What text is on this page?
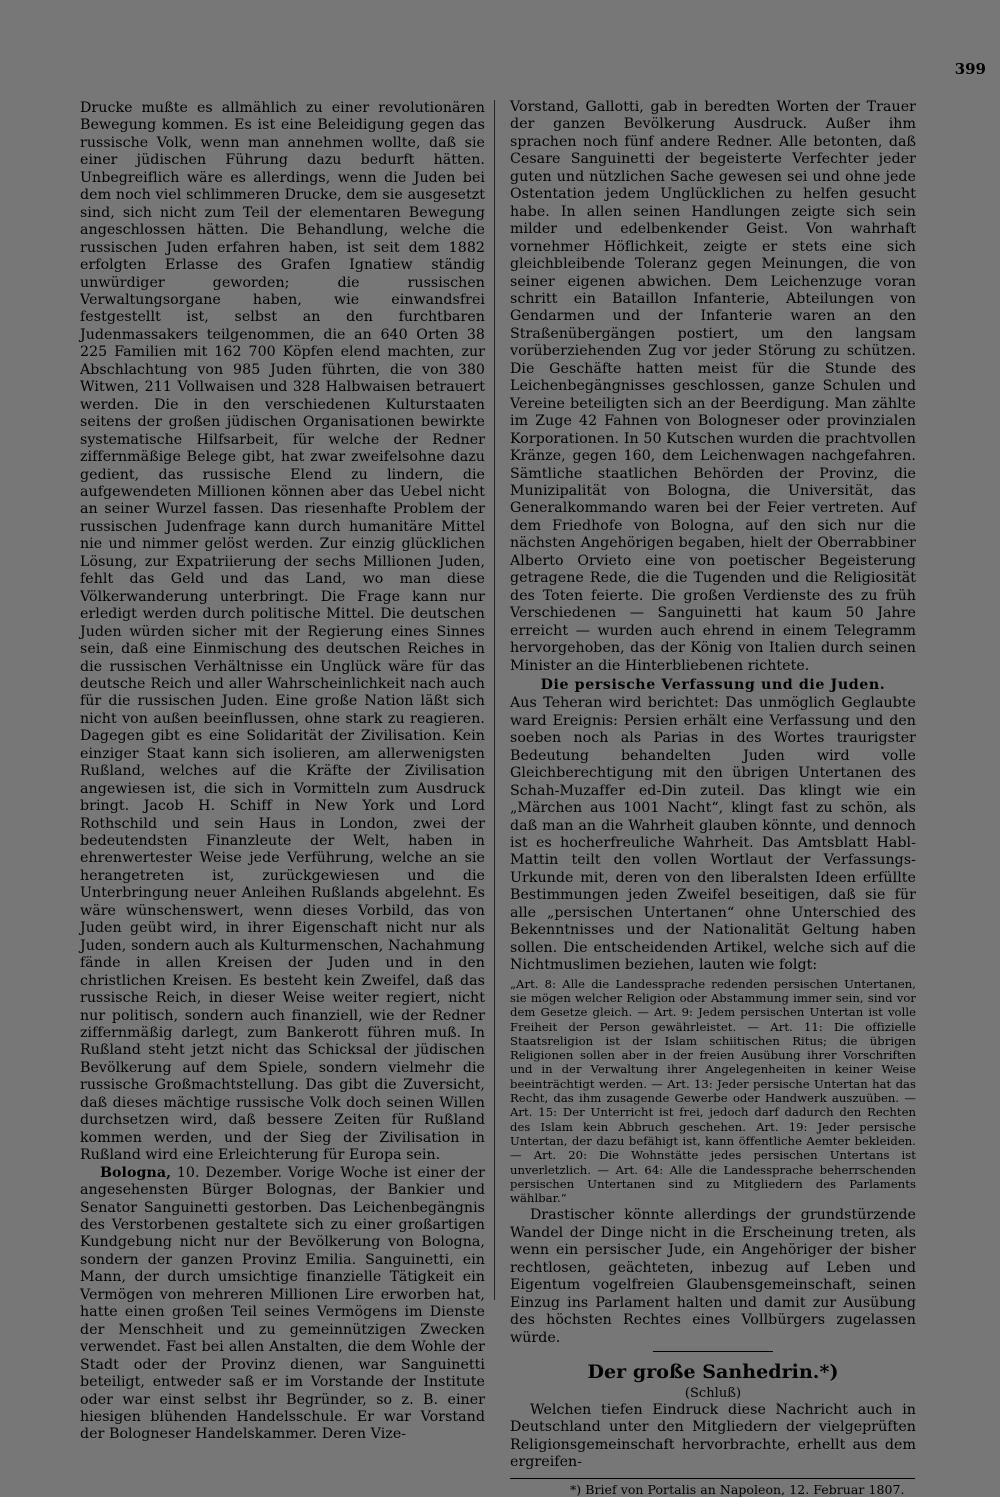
399

Drucke mußte es allmählich zu einer revolutionären Bewegung kommen. Es ist eine Beleidigung gegen das russische Volk, wenn man annehmen wollte, daß sie einer jüdischen Führung dazu bedurft hätten. Unbegreiflich wäre es allerdings, wenn die Juden bei dem noch viel schlimmeren Drucke, dem sie ausgesetzt sind, sich nicht zum Teil der elementaren Bewegung angeschlossen hätten. Die Behandlung, welche die russischen Juden erfahren haben, ist seit dem 1882 erfolgten Erlasse des Grafen Ignatiew ständig unwürdiger geworden; die russischen Verwaltungsorgane haben, wie einwandsfrei festgestellt ist, selbst an den furchtbaren Judenmassakers teilgenommen, die an 640 Orten 38 225 Familien mit 162 700 Köpfen elend machten, zur Abschlachtung von 985 Juden führten, die von 380 Witwen, 211 Vollwaisen und 328 Halbwaisen betrauert werden. Die in den verschiedenen Kulturstaaten seitens der großen jüdischen Organisationen bewirkte systematische Hilfsarbeit, für welche der Redner ziffernmäßige Belege gibt, hat zwar zweifelsohne dazu gedient, das russische Elend zu lindern, die aufgewendeten Millionen können aber das Uebel nicht an seiner Wurzel fassen. Das riesenhafte Problem der russischen Judenfrage kann durch humanitäre Mittel nie und nimmer gelöst werden. Zur einzig glücklichen Lösung, zur Expatriierung der sechs Millionen Juden, fehlt das Geld und das Land, wo man diese Völkerwanderung unterbringt. Die Frage kann nur erledigt werden durch politische Mittel. Die deutschen Juden würden sicher mit der Regierung eines Sinnes sein, daß eine Einmischung des deutschen Reiches in die russischen Verhältnisse ein Unglück wäre für das deutsche Reich und aller Wahrscheinlichkeit nach auch für die russischen Juden. Eine große Nation läßt sich nicht von außen beeinflussen, ohne stark zu reagieren. Dagegen gibt es eine Solidarität der Zivilisation. Kein einziger Staat kann sich isolieren, am allerwenigsten Rußland, welches auf die Kräfte der Zivilisation angewiesen ist, die sich in Vormitteln zum Ausdruck bringt. Jacob H. Schiff in New York und Lord Rothschild und sein Haus in London, zwei der bedeutendsten Finanzleute der Welt, haben in ehrenwertester Weise jede Verführung, welche an sie herangetreten ist, zurückgewiesen und die Unterbringung neuer Anleihen Rußlands abgelehnt. Es wäre wünschenswert, wenn dieses Vorbild, das von Juden geübt wird, in ihrer Eigenschaft nicht nur als Juden, sondern auch als Kulturmenschen, Nachahmung fände in allen Kreisen der Juden und in den christlichen Kreisen. Es besteht kein Zweifel, daß das russische Reich, in dieser Weise weiter regiert, nicht nur politisch, sondern auch finanziell, wie der Redner ziffernmäßig darlegt, zum Bankerott führen muß. In Rußland steht jetzt nicht das Schicksal der jüdischen Bevölkerung auf dem Spiele, sondern vielmehr die russische Großmachtstellung. Das gibt die Zuversicht, daß dieses mächtige russische Volk doch seinen Willen durchsetzen wird, daß bessere Zeiten für Rußland kommen werden, und der Sieg der Zivilisation in Rußland wird eine Erleichterung für Europa sein.

Bologna, 10. Dezember. Vorige Woche ist einer der angesehensten Bürger Bolognas, der Bankier und Senator Sanguinetti gestorben. Das Leichenbegängnis des Verstorbenen gestaltete sich zu einer großartigen Kundgebung nicht nur der Bevölkerung von Bologna, sondern der ganzen Provinz Emilia. Sanguinetti, ein Mann, der durch umsichtige finanzielle Tätigkeit ein Vermögen von mehreren Millionen Lire erworben hat, hatte einen großen Teil seines Vermögens im Dienste der Menschheit und zu gemeinnützigen Zwecken verwendet. Fast bei allen Anstalten, die dem Wohle der Stadt oder der Provinz dienen, war Sanguinetti beteiligt, entweder saß er im Vorstande der Institute oder war einst selbst ihr Begründer, so z. B. einer hiesigen blühenden Handelsschule. Er war Vorstand der Bologneser Handelskammer. Deren Vize-

Vorstand, Gallotti, gab in beredten Worten der Trauer der ganzen Bevölkerung Ausdruck. Außer ihm sprachen noch fünf andere Redner. Alle betonten, daß Cesare Sanguinetti der begeisterte Verfechter jeder guten und nützlichen Sache gewesen sei und ohne jede Ostentation jedem Unglücklichen zu helfen gesucht habe. In allen seinen Handlungen zeigte sich sein milder und edelbenkender Geist. Von wahrhaft vornehmer Höflichkeit, zeigte er stets eine sich gleichbleibende Toleranz gegen Meinungen, die von seiner eigenen abwichen. Dem Leichenzuge voran schritt ein Bataillon Infanterie, Abteilungen von Gendarmen und der Infanterie waren an den Straßenübergängen postiert, um den langsam vorüberziehenden Zug vor jeder Störung zu schützen. Die Geschäfte hatten meist für die Stunde des Leichenbegängnisses geschlossen, ganze Schulen und Vereine beteiligten sich an der Beerdigung. Man zählte im Zuge 42 Fahnen von Bologneser oder provinzialen Korporationen. In 50 Kutschen wurden die prachtvollen Kränze, gegen 160, dem Leichenwagen nachgefahren. Sämtliche staatlichen Behörden der Provinz, die Munizipalität von Bologna, die Universität, das Generalkommando waren bei der Feier vertreten. Auf dem Friedhofe von Bologna, auf den sich nur die nächsten Angehörigen begaben, hielt der Oberrabbiner Alberto Orvieto eine von poetischer Begeisterung getragene Rede, die die Tugenden und die Religiosität des Toten feierte. Die großen Verdienste des zu früh Verschiedenen — Sanguinetti hat kaum 50 Jahre erreicht — wurden auch ehrend in einem Telegramm hervorgehoben, das der König von Italien durch seinen Minister an die Hinterbliebenen richtete.

Die persische Verfassung und die Juden.

Aus Teheran wird berichtet: Das unmöglich Geglaubte ward Ereignis: Persien erhält eine Verfassung und den soeben noch als Parias in des Wortes traurigster Bedeutung behandelten Juden wird volle Gleichberechtigung mit den übrigen Untertanen des Schah-Muzaffer ed-Din zuteil. Das klingt wie ein „Märchen aus 1001 Nacht“, klingt fast zu schön, als daß man an die Wahrheit glauben könnte, und dennoch ist es hocherfreuliche Wahrheit. Das Amtsblatt Habl-Mattin teilt den vollen Wortlaut der Verfassungs-Urkunde mit, deren von den liberalsten Ideen erfüllte Bestimmungen jeden Zweifel beseitigen, daß sie für alle „persischen Untertanen“ ohne Unterschied des Bekenntnisses und der Nationalität Geltung haben sollen. Die entscheidenden Artikel, welche sich auf die Nichtmuslimen beziehen, lauten wie folgt:

„Art. 8: Alle die Landessprache redenden persischen Untertanen, sie mögen welcher Religion oder Abstammung immer sein, sind vor dem Gesetze gleich. — Art. 9: Jedem persischen Untertan ist volle Freiheit der Person gewährleistet. — Art. 11: Die offizielle Staatsreligion ist der Islam schiitischen Ritus; die übrigen Religionen sollen aber in der freien Ausübung ihrer Vorschriften und in der Verwaltung ihrer Angelegenheiten in keiner Weise beeinträchtigt werden. — Art. 13: Jeder persische Untertan hat das Recht, das ihm zusagende Gewerbe oder Handwerk auszuüben. — Art. 15: Der Unterricht ist frei, jedoch darf dadurch den Rechten des Islam kein Abbruch geschehen. Art. 19: Jeder persische Untertan, der dazu befähigt ist, kann öffentliche Aemter bekleiden. — Art. 20: Die Wohnstätte jedes persischen Untertans ist unverletzlich. — Art. 64: Alle die Landessprache beherrschenden persischen Untertanen sind zu Mitgliedern des Parlaments wählbar.“

Drastischer könnte allerdings der grundstürzende Wandel der Dinge nicht in die Erscheinung treten, als wenn ein persischer Jude, ein Angehöriger der bisher rechtlosen, geächteten, inbezug auf Leben und Eigentum vogelfreien Glaubensgemeinschaft, seinen Einzug ins Parlament halten und damit zur Ausübung des höchsten Rechtes eines Vollbürgers zugelassen würde.

Der große Sanhedrin.*)
(Schluß)

Welchen tiefen Eindruck diese Nachricht auch in Deutschland unter den Mitgliedern der vielgeprüften Religionsgemeinschaft hervorbrachte, erhellt aus dem ergreifen-

*) Brief von Portalis an Napoleon, 12. Februar 1807.
